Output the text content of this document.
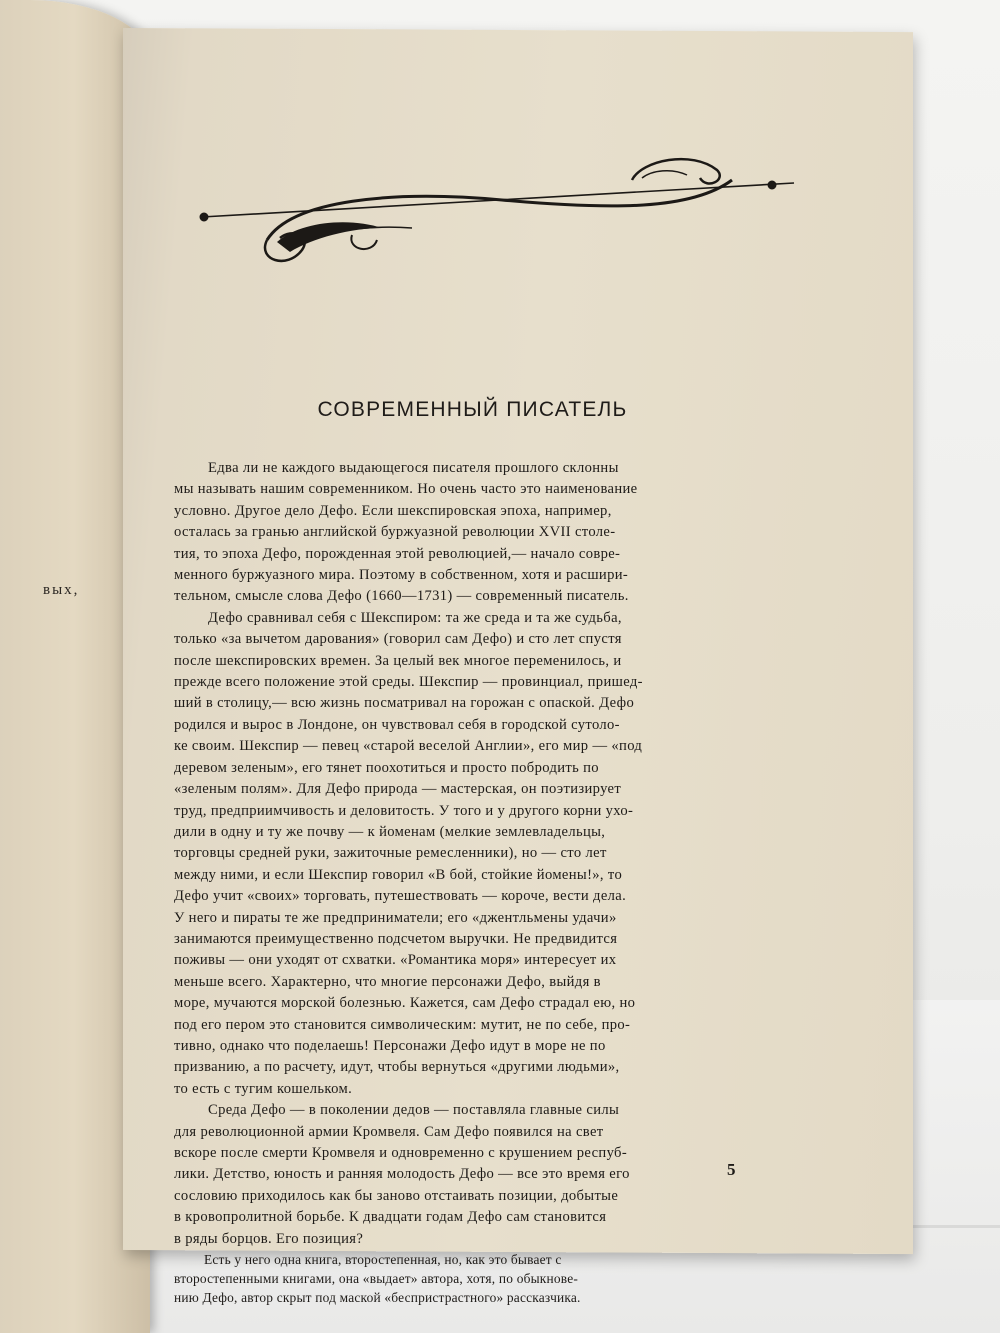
вых,
СОВРЕМЕННЫЙ ПИСАТЕЛЬ
Едва ли не каждого выдающегося писателя прошлого склонны
мы называть нашим современником. Но очень часто это наименование
условно. Другое дело Дефо. Если шекспировская эпоха, например,
осталась за гранью английской буржуазной революции XVII столе-
тия, то эпоха Дефо, порожденная этой революцией,— начало совре-
менного буржуазного мира. Поэтому в собственном, хотя и расшири-
тельном, смысле слова Дефо (1660—1731) — современный писатель.
Дефо сравнивал себя с Шекспиром: та же среда и та же судьба,
только «за вычетом дарования» (говорил сам Дефо) и сто лет спустя
после шекспировских времен. За целый век многое переменилось, и
прежде всего положение этой среды. Шекспир — провинциал, пришед-
ший в столицу,— всю жизнь посматривал на горожан с опаской. Дефо
родился и вырос в Лондоне, он чувствовал себя в городской сутоло-
ке своим. Шекспир — певец «старой веселой Англии», его мир — «под
деревом зеленым», его тянет поохотиться и просто побродить по
«зеленым полям». Для Дефо природа — мастерская, он поэтизирует
труд, предприимчивость и деловитость. У того и у другого корни ухо-
дили в одну и ту же почву — к йоменам (мелкие землевладельцы,
торговцы средней руки, зажиточные ремесленники), но — сто лет
между ними, и если Шекспир говорил «В бой, стойкие йомены!», то
Дефо учит «своих» торговать, путешествовать — короче, вести дела.
У него и пираты те же предприниматели; его «джентльмены удачи»
занимаются преимущественно подсчетом выручки. Не предвидится
поживы — они уходят от схватки. «Романтика моря» интересует их
меньше всего. Характерно, что многие персонажи Дефо, выйдя в
море, мучаются морской болезнью. Кажется, сам Дефо страдал ею, но
под его пером это становится символическим: мутит, не по себе, про-
тивно, однако что поделаешь! Персонажи Дефо идут в море не по
призванию, а по расчету, идут, чтобы вернуться «другими людьми»,
то есть с тугим кошельком.
Среда Дефо — в поколении дедов — поставляла главные силы
для революционной армии Кромвеля. Сам Дефо появился на свет
вскоре после смерти Кромвеля и одновременно с крушением респуб-
лики. Детство, юность и ранняя молодость Дефо — все это время его
сословию приходилось как бы заново отстаивать позиции, добытые
в кровопролитной борьбе. К двадцати годам Дефо сам становится
в ряды борцов. Его позиция?
Есть у него одна книга, второстепенная, но, как это бывает с
второстепенными книгами, она «выдает» автора, хотя, по обыкнове-
нию Дефо, автор скрыт под маской «беспристрастного» рассказчика.
5
